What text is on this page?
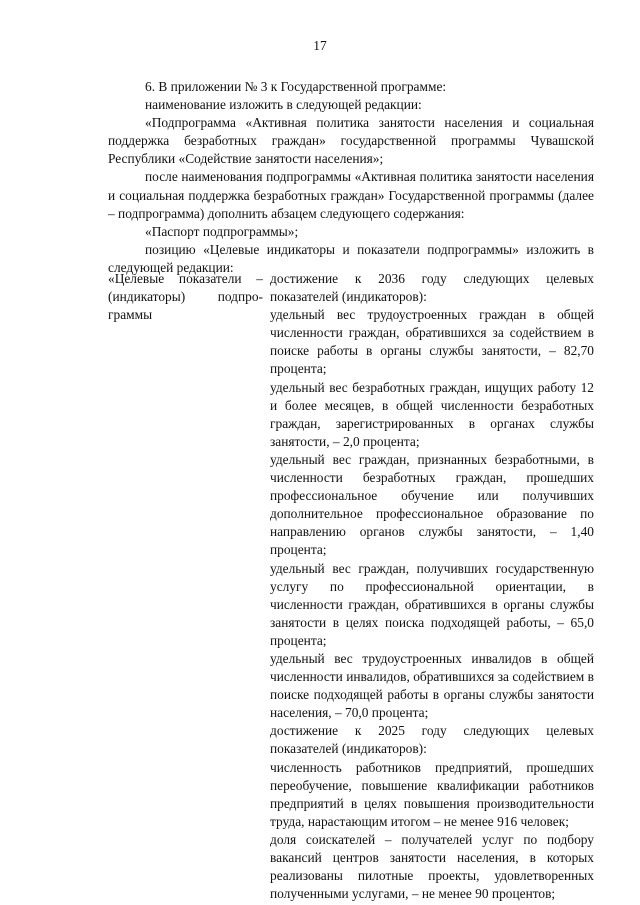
17

6. В приложении № 3 к Государственной программе:

наименование изложить в следующей редакции:

«Подпрограмма «Активная политика занятости населения и социальная поддержка безработных граждан» государственной программы Чувашской Республики «Содействие занятости населения»;

после наименования подпрограммы «Активная политика занятости населения и социальная поддержка безработных граждан» Государственной программы (далее – подпрограмма) дополнить абзацем следующего содержания:

«Паспорт подпрограммы»;

позицию «Целевые индикаторы и показатели подпрограммы» изложить в следующей редакции:

«Целевые показатели –
(индикаторы) подпро-
граммы

достижение к 2036 году следующих целевых показателей (индикаторов):

удельный вес трудоустроенных граждан в общей численности граждан, обратившихся за содействием в поиске работы в органы службы занятости, – 82,70 процента;

удельный вес безработных граждан, ищущих работу 12 и более месяцев, в общей численности безработных граждан, зарегистрированных в органах службы занятости, – 2,0 процента;

удельный вес граждан, признанных безработными, в численности безработных граждан, прошедших профессиональное обучение или получивших дополнительное профессиональное образование по направлению органов службы занятости, – 1,40 процента;

удельный вес граждан, получивших государственную услугу по профессиональной ориентации, в численности граждан, обратившихся в органы службы занятости в целях поиска подходящей работы, – 65,0 процента;

удельный вес трудоустроенных инвалидов в общей численности инвалидов, обратившихся за содействием в поиске подходящей работы в органы службы занятости населения, – 70,0 процента;

достижение к 2025 году следующих целевых показателей (индикаторов):

численность работников предприятий, прошедших переобучение, повышение квалификации работников предприятий в целях повышения производительности труда, нарастающим итогом – не менее 916 человек;

доля соискателей – получателей услуг по подбору вакансий центров занятости населения, в которых реализованы пилотные проекты, удовлетворенных полученными услугами, – не менее 90 процентов;
